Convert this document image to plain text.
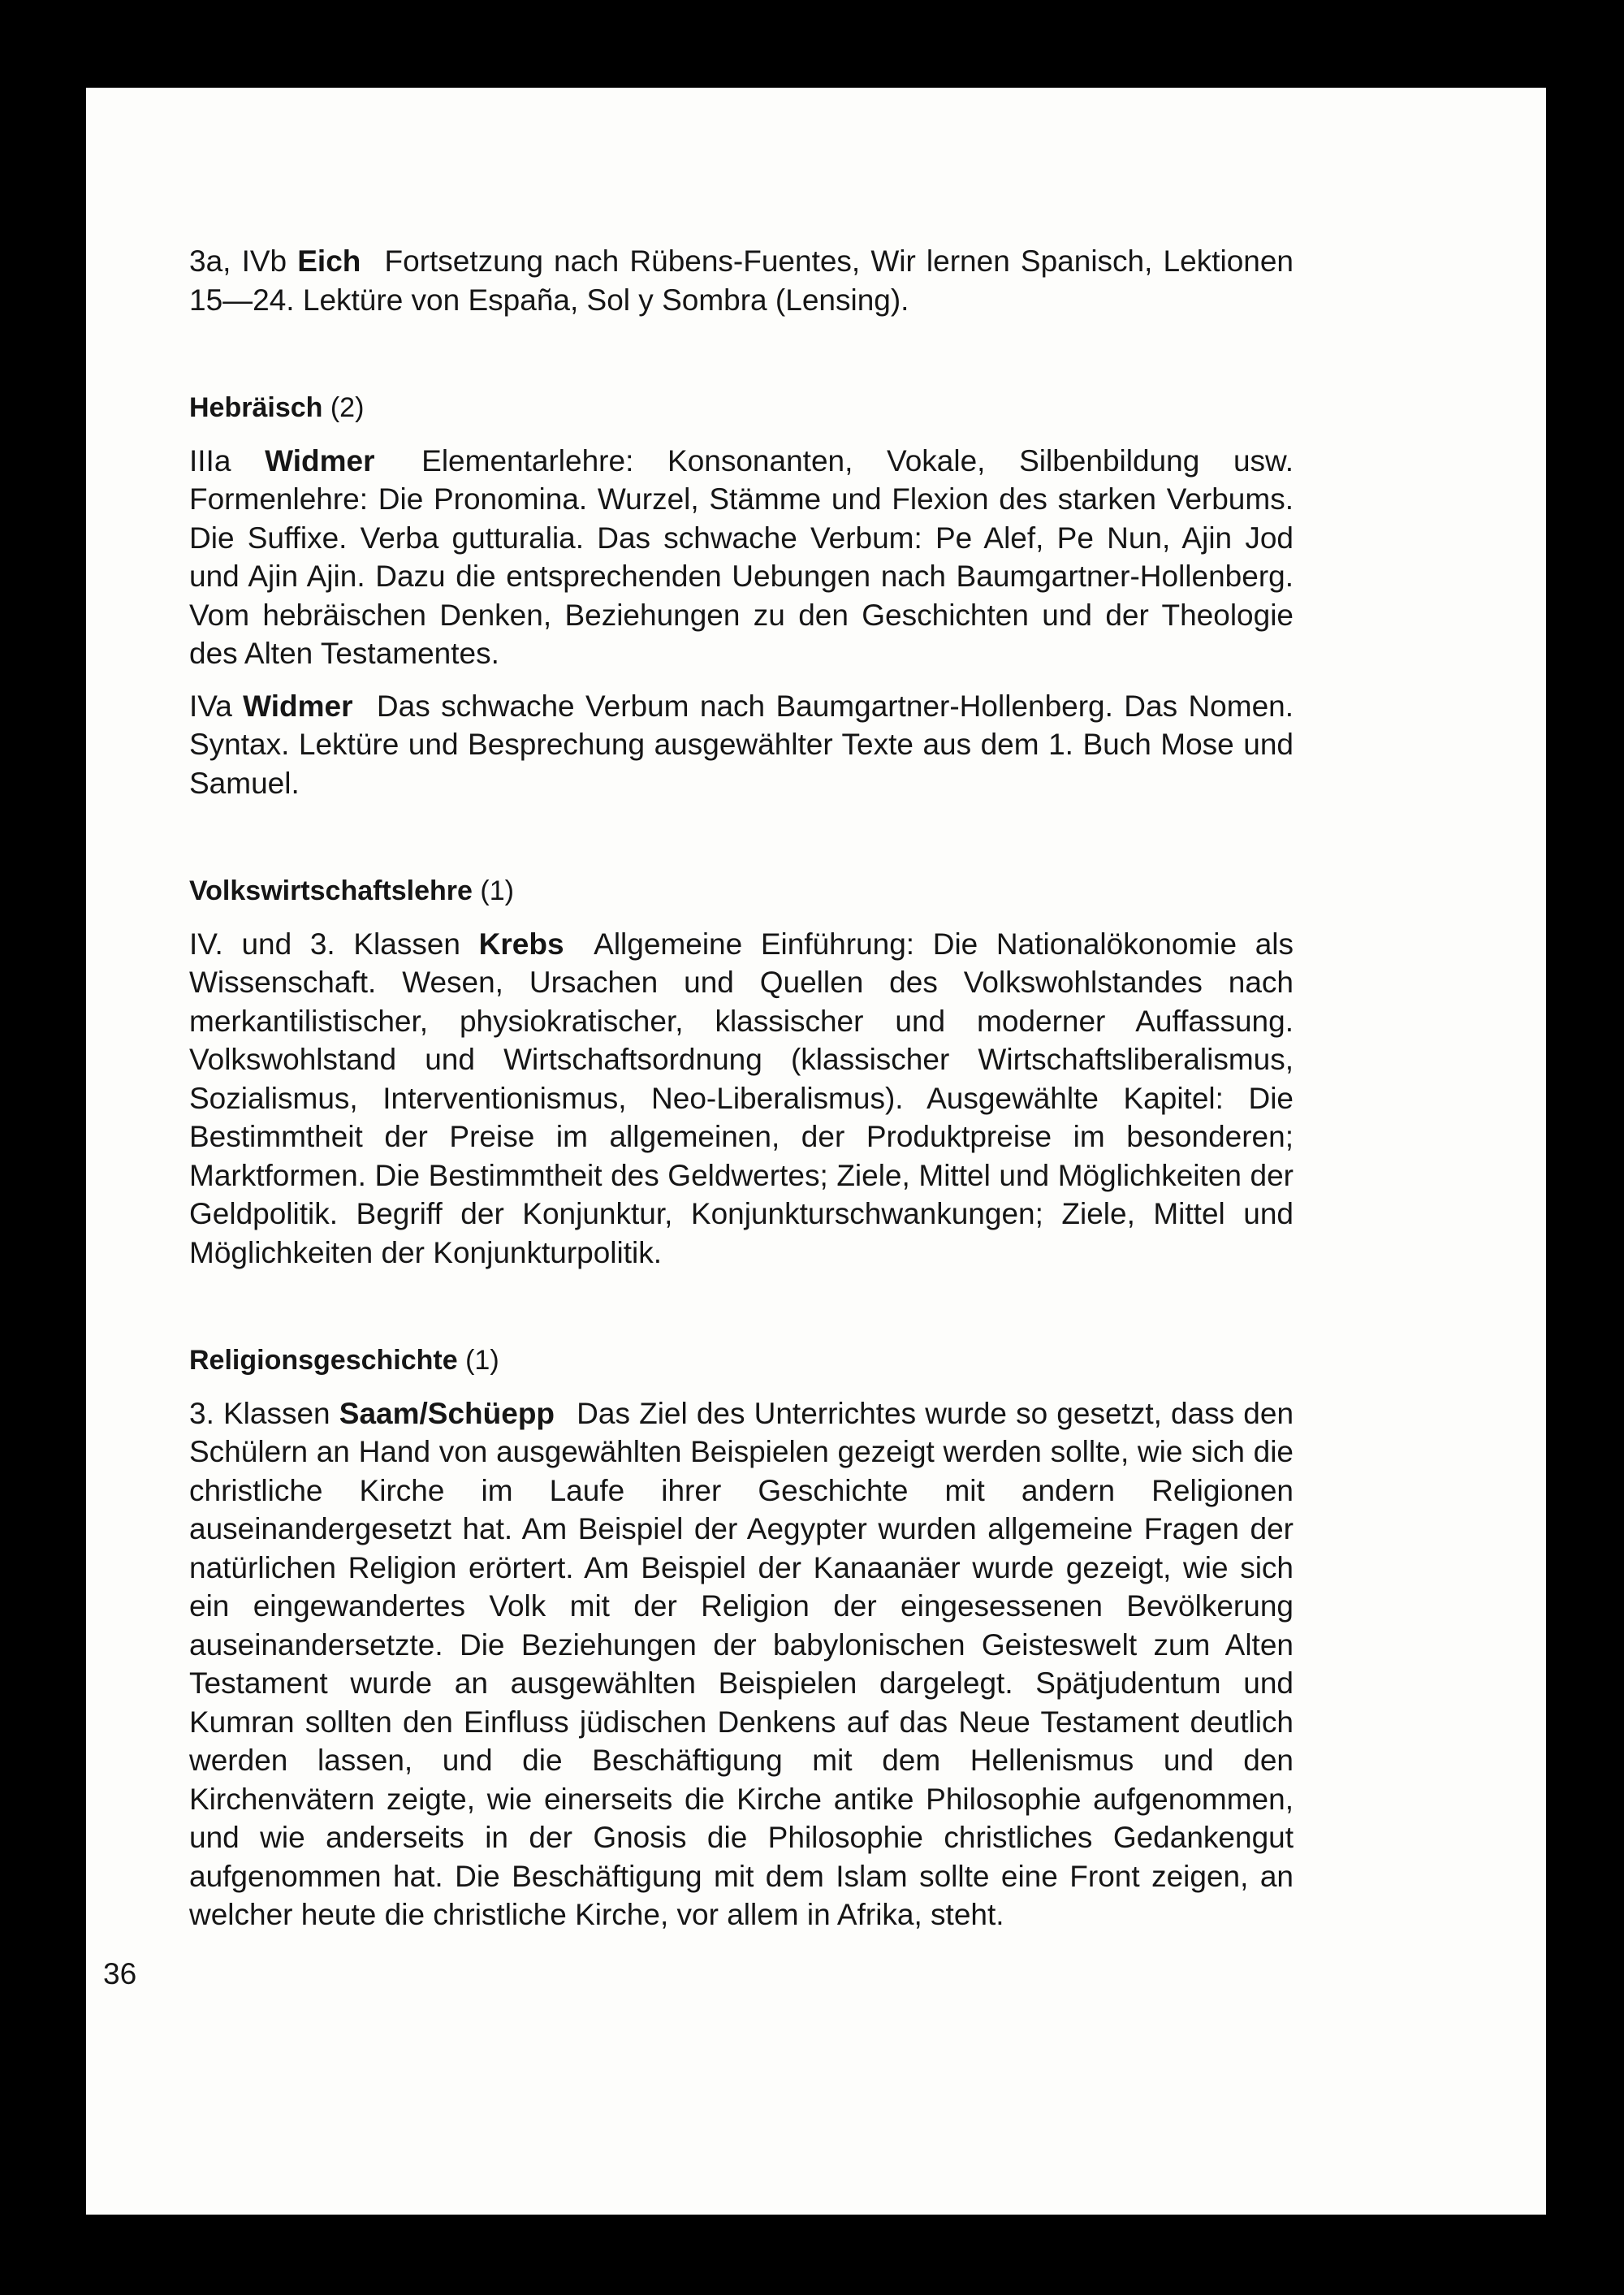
3a, IVb Eich Fortsetzung nach Rübens-Fuentes, Wir lernen Spanisch, Lektionen 15—24. Lektüre von España, Sol y Sombra (Lensing).

Hebräisch (2)

IIIa Widmer Elementarlehre: Konsonanten, Vokale, Silbenbildung usw. Formenlehre: Die Pronomina. Wurzel, Stämme und Flexion des starken Verbums. Die Suffixe. Verba gutturalia. Das schwache Verbum: Pe Alef, Pe Nun, Ajin Jod und Ajin Ajin. Dazu die entsprechenden Uebungen nach Baumgartner-Hollenberg. Vom hebräischen Denken, Beziehungen zu den Geschichten und der Theologie des Alten Testamentes.

IVa Widmer Das schwache Verbum nach Baumgartner-Hollenberg. Das Nomen. Syntax. Lektüre und Besprechung ausgewählter Texte aus dem 1. Buch Mose und Samuel.

Volkswirtschaftslehre (1)

IV. und 3. Klassen Krebs Allgemeine Einführung: Die Nationalökonomie als Wissenschaft. Wesen, Ursachen und Quellen des Volkswohlstandes nach merkantilistischer, physiokratischer, klassischer und moderner Auffassung. Volkswohlstand und Wirtschaftsordnung (klassischer Wirtschaftsliberalismus, Sozialismus, Interventionismus, Neo-Liberalismus). Ausgewählte Kapitel: Die Bestimmtheit der Preise im allgemeinen, der Produktpreise im besonderen; Marktformen. Die Bestimmtheit des Geldwertes; Ziele, Mittel und Möglichkeiten der Geldpolitik. Begriff der Konjunktur, Konjunkturschwankungen; Ziele, Mittel und Möglichkeiten der Konjunkturpolitik.

Religionsgeschichte (1)

3. Klassen Saam/Schüepp Das Ziel des Unterrichtes wurde so gesetzt, dass den Schülern an Hand von ausgewählten Beispielen gezeigt werden sollte, wie sich die christliche Kirche im Laufe ihrer Geschichte mit andern Religionen auseinandergesetzt hat. Am Beispiel der Aegypter wurden allgemeine Fragen der natürlichen Religion erörtert. Am Beispiel der Kanaanäer wurde gezeigt, wie sich ein eingewandertes Volk mit der Religion der eingesessenen Bevölkerung auseinandersetzte. Die Beziehungen der babylonischen Geisteswelt zum Alten Testament wurde an ausgewählten Beispielen dargelegt. Spätjudentum und Kumran sollten den Einfluss jüdischen Denkens auf das Neue Testament deutlich werden lassen, und die Beschäftigung mit dem Hellenismus und den Kirchenvätern zeigte, wie einerseits die Kirche antike Philosophie aufgenommen, und wie anderseits in der Gnosis die Philosophie christliches Gedankengut aufgenommen hat. Die Beschäftigung mit dem Islam sollte eine Front zeigen, an welcher heute die christliche Kirche, vor allem in Afrika, steht.

36
